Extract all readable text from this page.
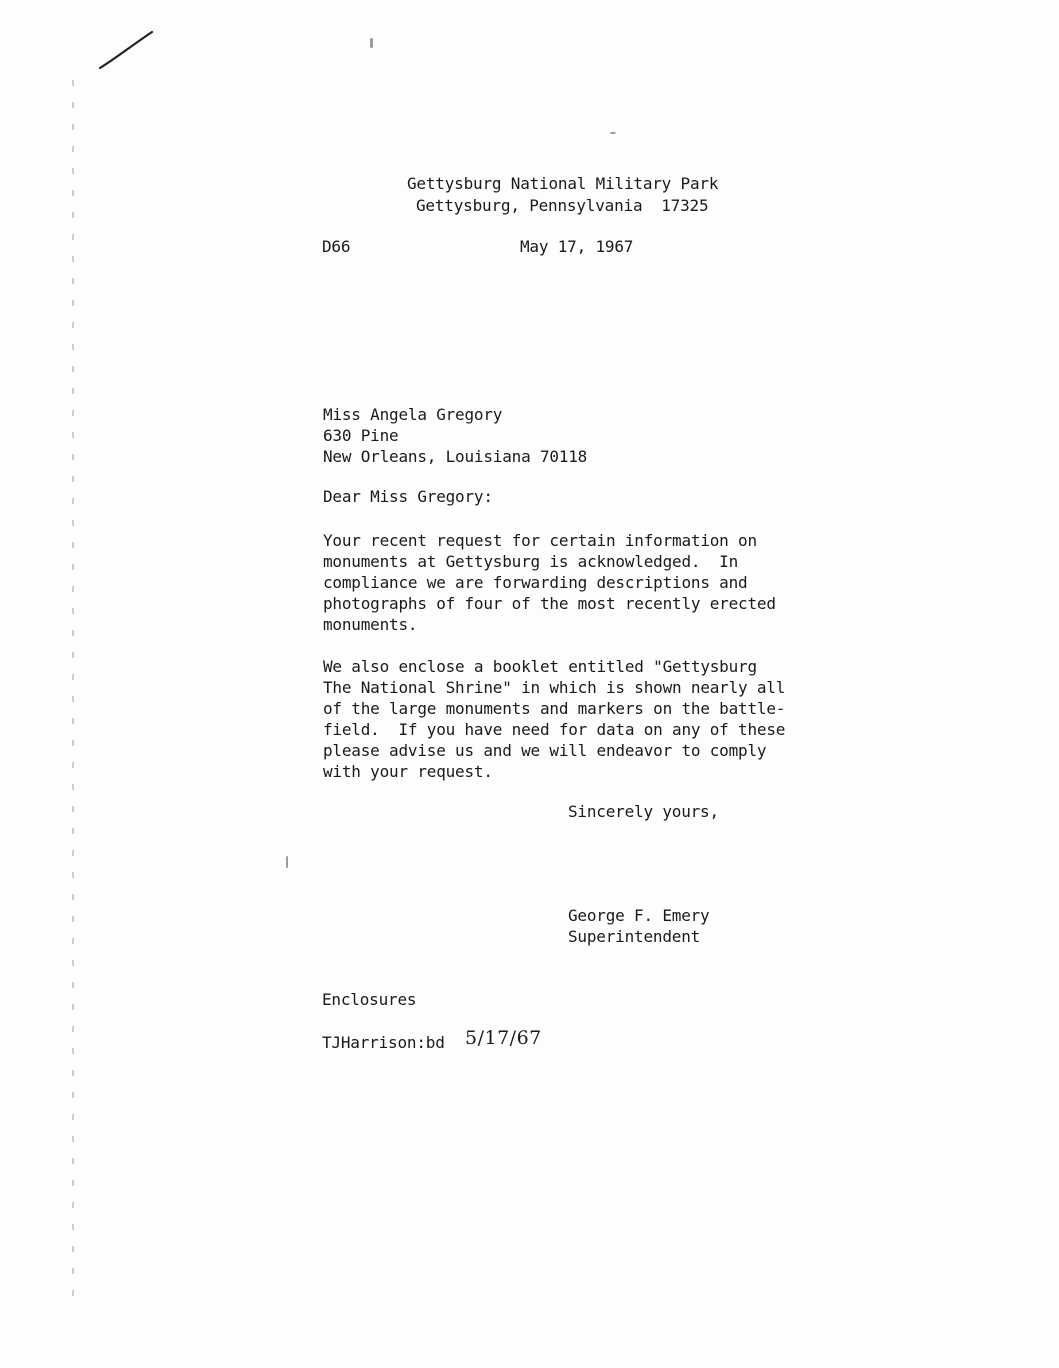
Gettysburg National Military Park
Gettysburg, Pennsylvania  17325
D66	May 17, 1967
Miss Angela Gregory
630 Pine
New Orleans, Louisiana 70118
Dear Miss Gregory:
Your recent request for certain information on
monuments at Gettysburg is acknowledged.  In
compliance we are forwarding descriptions and
photographs of four of the most recently erected
monuments.
We also enclose a booklet entitled "Gettysburg
The National Shrine" in which is shown nearly all
of the large monuments and markers on the battle-
field.  If you have need for data on any of these
please advise us and we will endeavor to comply
with your request.
Sincerely yours,
George F. Emery
Superintendent
Enclosures
TJHarrison:bd 5/17/67
